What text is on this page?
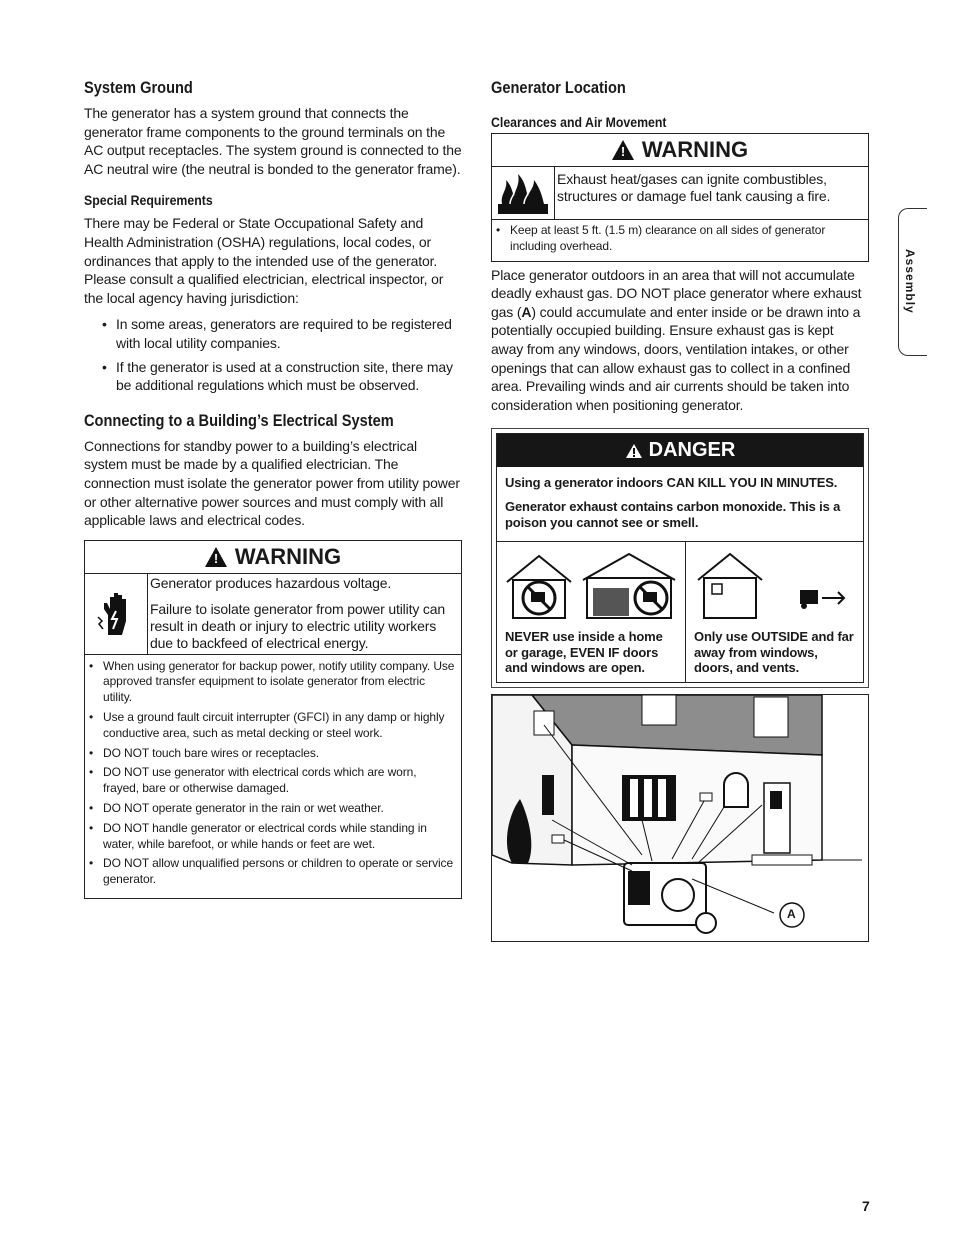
System Ground

The generator has a system ground that connects the generator frame components to the ground terminals on the AC output receptacles. The system ground is connected to the AC neutral wire (the neutral is bonded to the generator frame).

Special Requirements

There may be Federal or State Occupational Safety and Health Administration (OSHA) regulations, local codes, or ordinances that apply to the intended use of the generator. Please consult a qualified electrician, electrical inspector, or the local agency having jurisdiction:

• In some areas, generators are required to be registered with local utility companies.
• If the generator is used at a construction site, there may be additional regulations which must be observed.
Connecting to a Building’s Electrical System

Connections for standby power to a building’s electrical system must be made by a qualified electrician. The connection must isolate the generator power from utility power or other alternative power sources and must comply with all applicable laws and electrical codes.

! WARNING

Generator produces hazardous voltage.

Failure to isolate generator from power utility can result in death or injury to electric utility workers due to backfeed of electrical energy.

• When using generator for backup power, notify utility company. Use approved transfer equipment to isolate generator from electric utility.
• Use a ground fault circuit interrupter (GFCI) in any damp or highly conductive area, such as metal decking or steel work.
• DO NOT touch bare wires or receptacles.
• DO NOT use generator with electrical cords which are worn, frayed, bare or otherwise damaged.
• DO NOT operate generator in the rain or wet weather.
• DO NOT handle generator or electrical cords while standing in water, while barefoot, or while hands or feet are wet.
• DO NOT allow unqualified persons or children to operate or service generator.
Generator Location
Clearances and Air Movement
! WARNING

Exhaust heat/gases can ignite combustibles, structures or damage fuel tank causing a fire.

• Keep at least 5 ft. (1.5 m) clearance on all sides of generator including overhead.

Place generator outdoors in an area that will not accumulate deadly exhaust gas. DO NOT place generator where exhaust gas (A) could accumulate and enter inside or be drawn into a potentially occupied building. Ensure exhaust gas is kept away from any windows, doors, ventilation intakes, or other openings that can allow exhaust gas to collect in a confined area. Prevailing winds and air currents should be taken into consideration when positioning generator.

DANGER

Using a generator indoors CAN KILL YOU IN MINUTES.

Generator exhaust contains carbon monoxide. This is a poison you cannot see or smell.

NEVER use inside a home or garage, EVEN IF doors and windows are open.

Only use OUTSIDE and far away from windows, doors, and vents.

A
Assembly
7
